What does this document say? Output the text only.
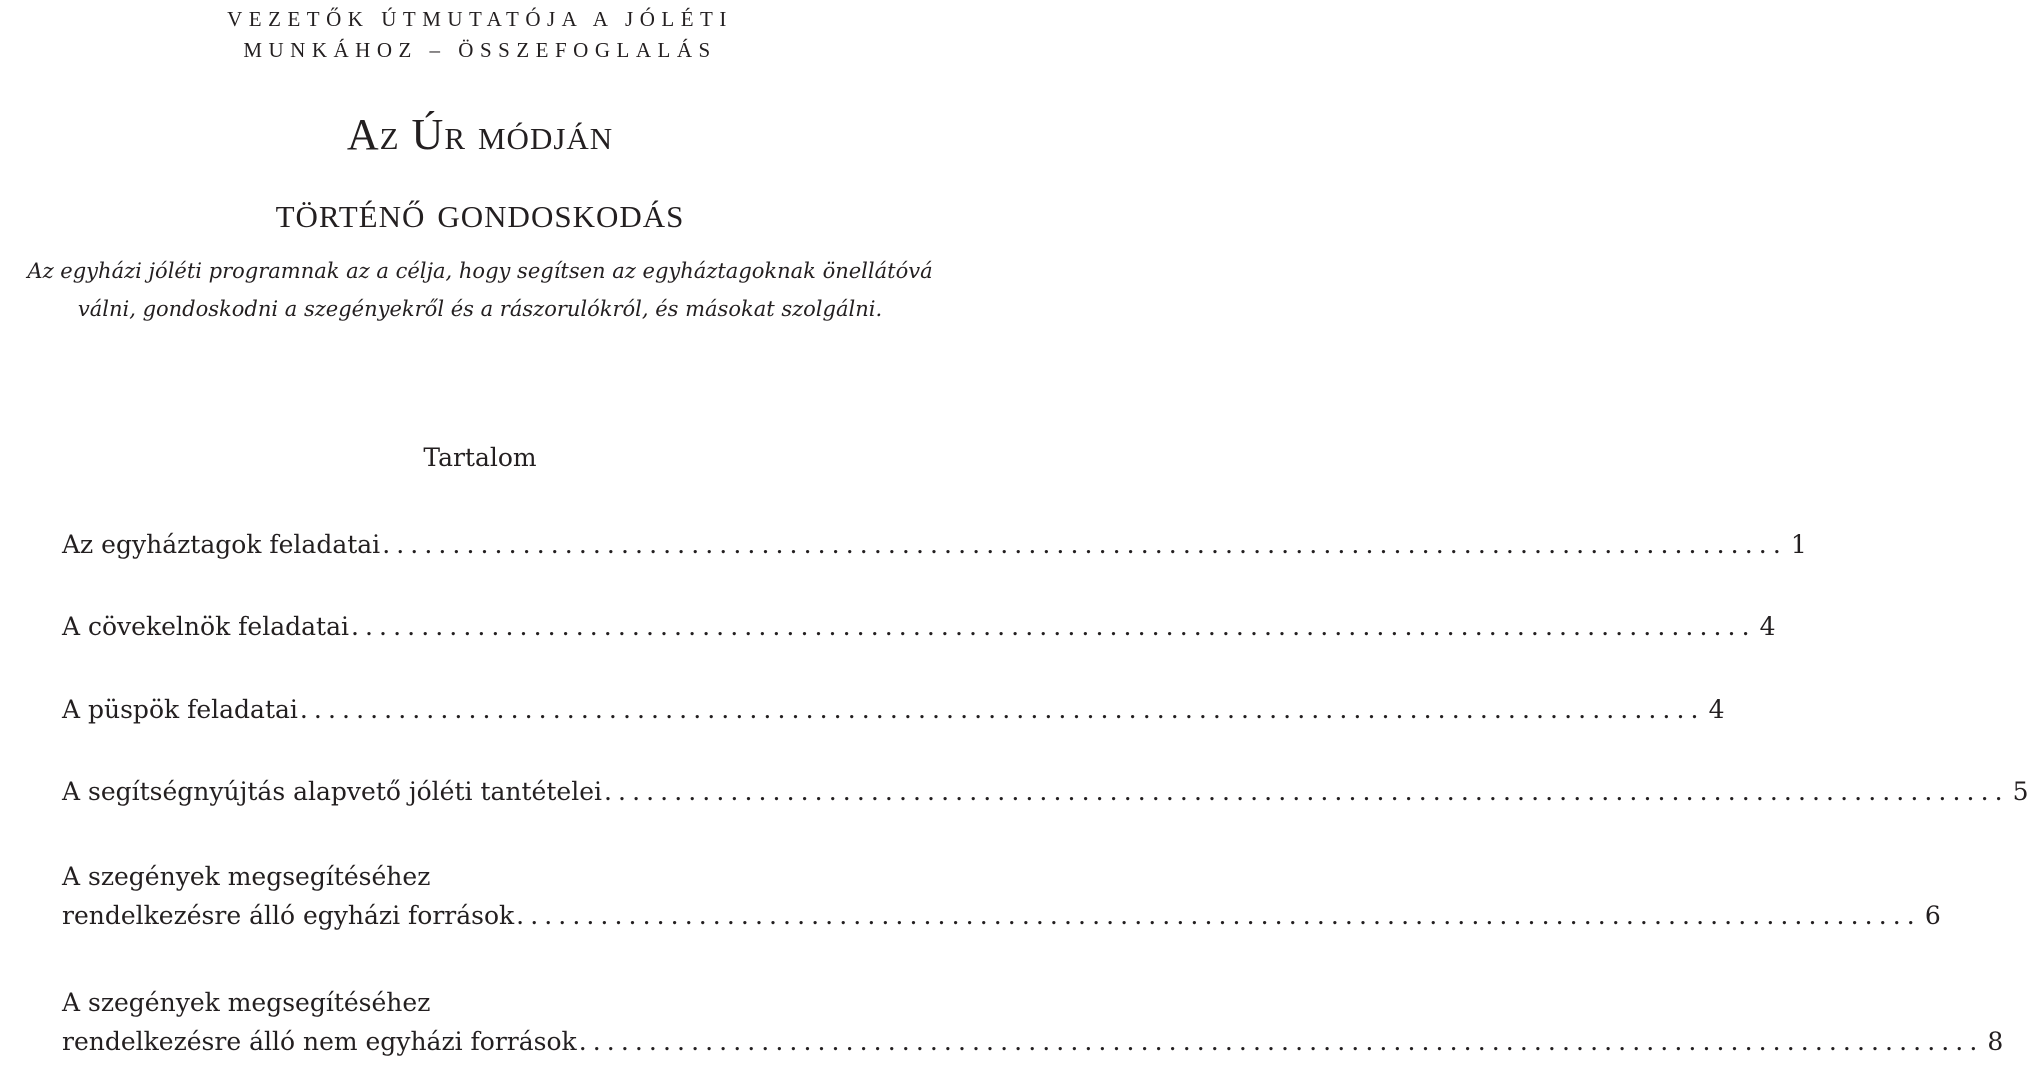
VEZETŐK ÚTMUTATÓJA A JÓLÉTI
MUNKÁHOZ – ÖSSZEFOGLALÁS
Az Úr módján
történő gondoskodás
Az egyházi jóléti programnak az a célja, hogy segítsen az egyháztagoknak önellátóvá
válni, gondoskodni a szegényekről és a rászorulókról, és másokat szolgálni.
Tartalom
Az egyháztagok feladatai .................................................................................................... 1
A cövekelnök feladatai .................................................................................................... 4
A püspök feladatai .................................................................................................... 4
A segítségnyújtás alapvető jóléti tantételei .................................................................................................... 5
A szegények megsegítéséhez
rendelkezésre álló egyházi források .................................................................................................... 6
A szegények megsegítéséhez
rendelkezésre álló nem egyházi források .................................................................................................... 8
